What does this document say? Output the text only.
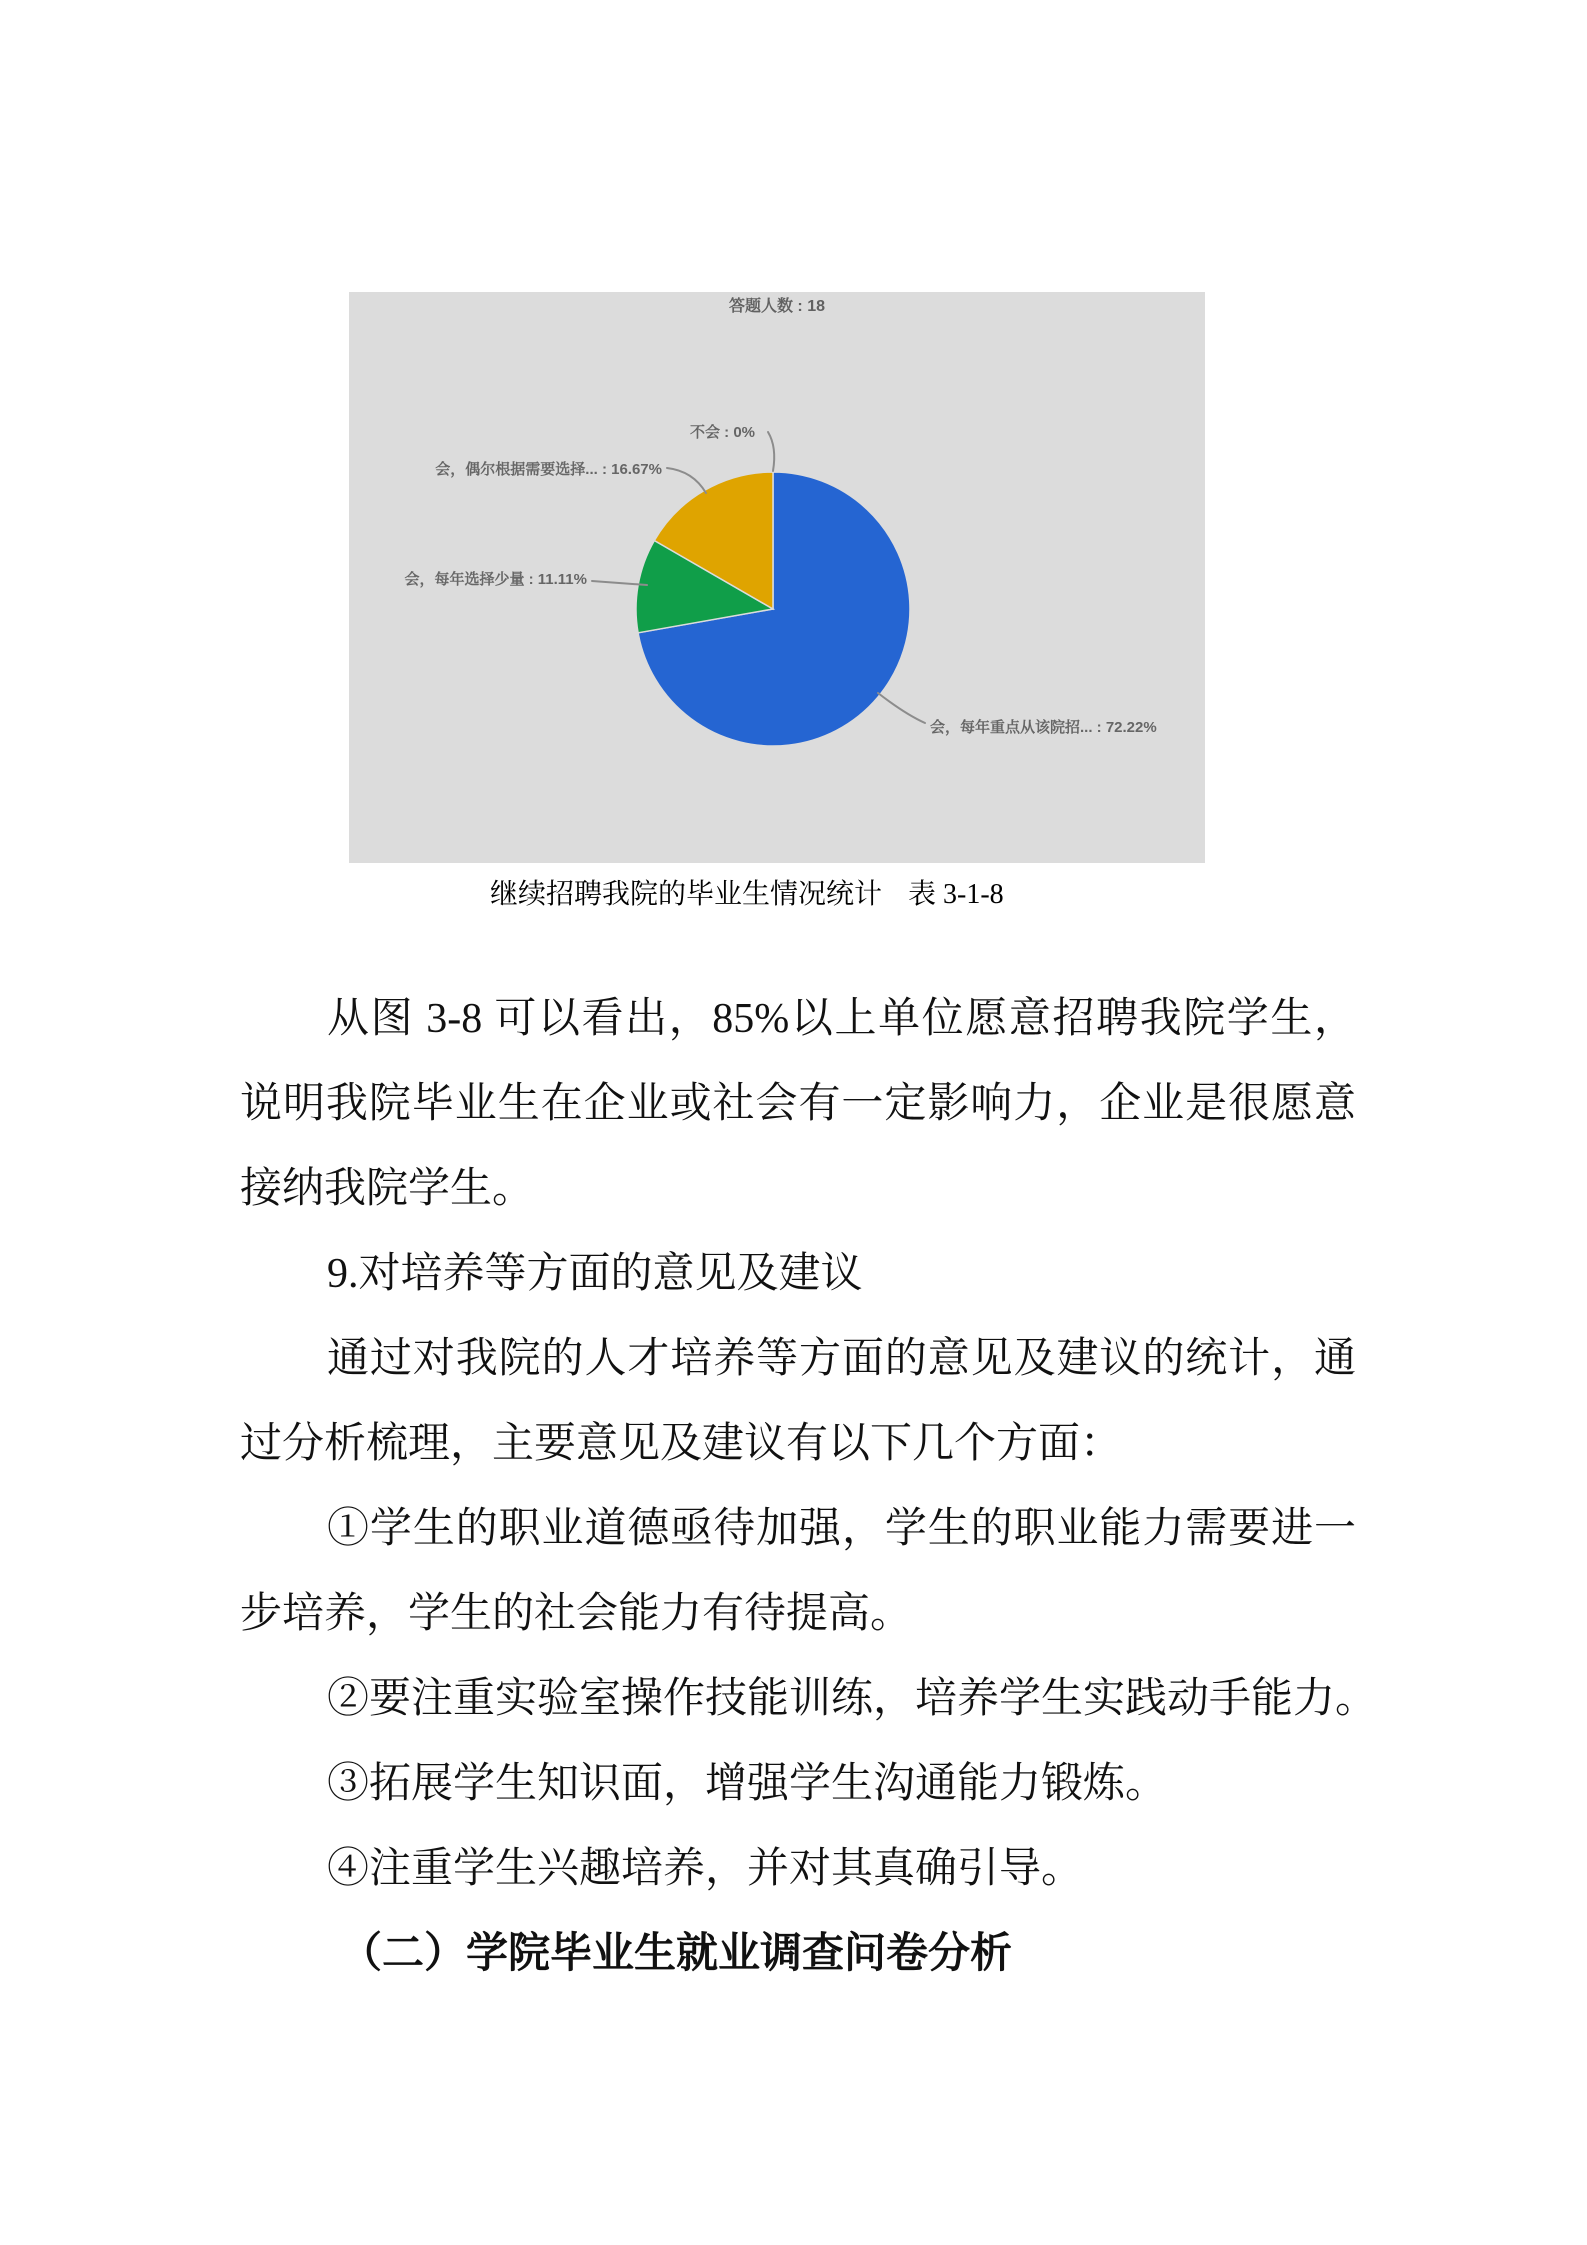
答题人数 : 18
不会 : 0%
会，偶尔根据需要选择... : 16.67%
会，每年选择少量 : 11.11%
会，每年重点从该院招... : 72.22%
继续招聘我院的毕业生情况统计 表 3-1-8
从图 3-8 可以看出，85%以上单位愿意招聘我院学生，
说明我院毕业生在企业或社会有一定影响力，企业是很愿意
接纳我院学生。
9.对培养等方面的意见及建议
通过对我院的人才培养等方面的意见及建议的统计，通
过分析梳理，主要意见及建议有以下几个方面：
①学生的职业道德亟待加强，学生的职业能力需要进一
步培养，学生的社会能力有待提高。
②要注重实验室操作技能训练，培养学生实践动手能力。
③拓展学生知识面，增强学生沟通能力锻炼。
④注重学生兴趣培养，并对其真确引导。
（二）学院毕业生就业调查问卷分析
